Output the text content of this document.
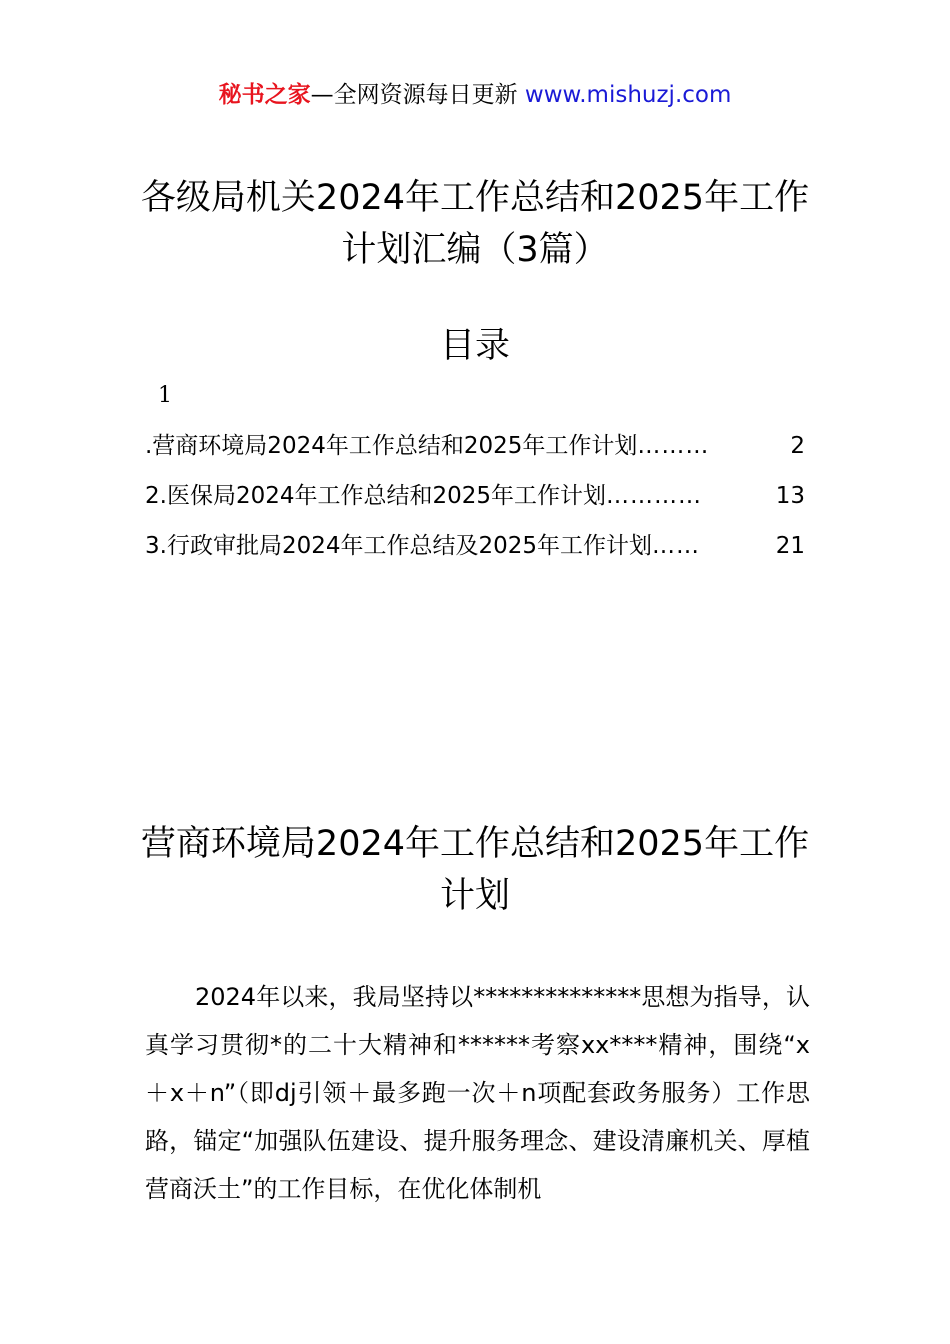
秘书之家—全网资源每日更新 www.mishuzj.com
各级局机关2024年工作总结和2025年工作
计划汇编（3篇）
目录
1
.营商环境局2024年工作总结和2025年工作计划 ………	2
2.医保局2024年工作总结和2025年工作计划 …………	13
3.行政审批局2024年工作总结及2025年工作计划 ……	21
营商环境局2024年工作总结和2025年工作
计划
2024年以来，我局坚持以**************思想为指导，认真学习贯彻*的二十大精神和******考察xx****精神，围绕“x＋x＋n”（即dj引领＋最多跑一次＋n项配套政务服务）工作思路，锚定“加强队伍建设、提升服务理念、建设清廉机关、厚植营商沃土”的工作目标，在优化体制机
